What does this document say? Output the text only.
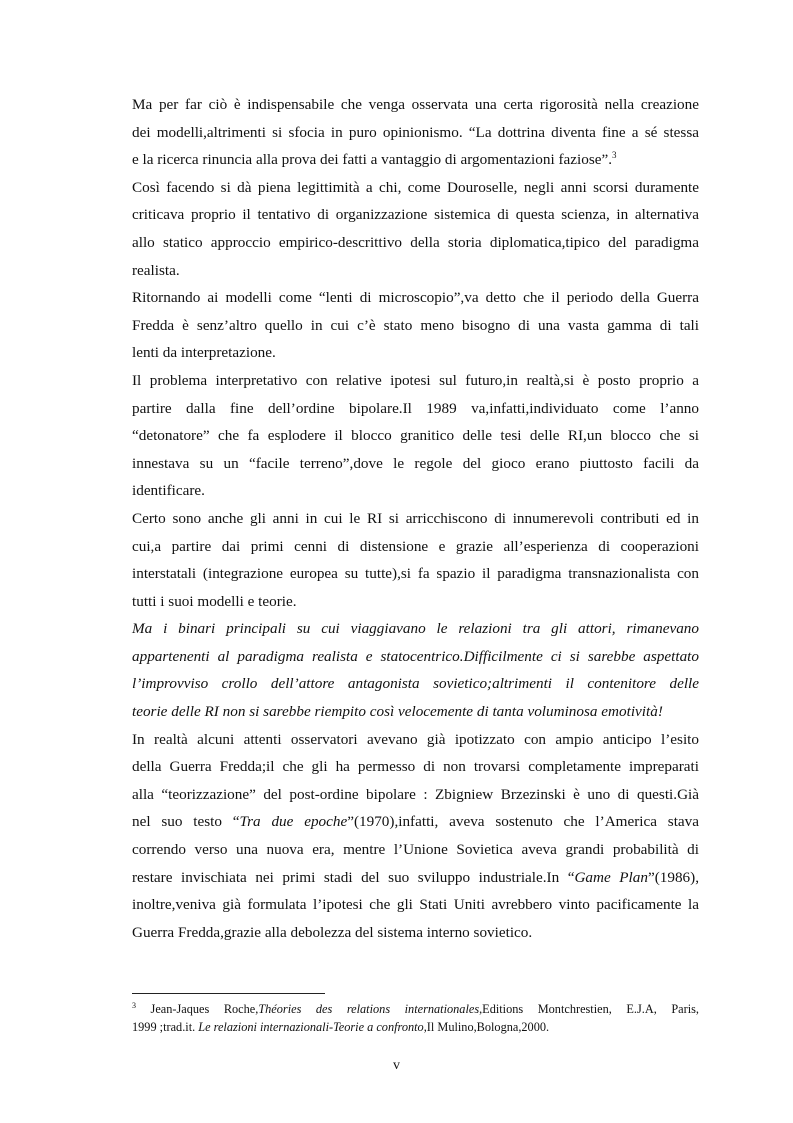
Ma per far ciò è indispensabile che venga osservata una certa rigorosità nella creazione
dei modelli,altrimenti si sfocia in puro opinionismo. “La dottrina diventa fine a sé stessa
e la ricerca rinuncia alla prova dei fatti a vantaggio di argomentazioni faziose”.$^3$
Così facendo si dà piena legittimità a chi, come Douroselle, negli anni scorsi duramente
criticava proprio il tentativo di organizzazione sistemica di questa scienza, in alternativa
allo statico approccio empirico-descrittivo della storia diplomatica,tipico del paradigma
realista.
Ritornando ai modelli come “lenti di microscopio”,va detto che il periodo della Guerra
Fredda è senz’altro quello in cui c’è stato meno bisogno di una vasta gamma di tali
lenti da interpretazione.
Il problema interpretativo con relative ipotesi sul futuro,in realtà,si è posto proprio a
partire dalla fine dell’ordine bipolare.Il 1989 va,infatti,individuato come l’anno
“detonatore” che fa esplodere il blocco granitico delle tesi delle RI,un blocco che si
innestava su un “facile terreno”,dove le regole del gioco erano piuttosto facili da
identificare.
Certo sono anche gli anni in cui le RI si arricchiscono di innumerevoli contributi ed in
cui,a partire dai primi cenni di distensione e grazie all’esperienza di cooperazioni
interstatali (integrazione europea su tutte),si fa spazio il paradigma transnazionalista con
tutti i suoi modelli e teorie.
Ma i binari principali su cui viaggiavano le relazioni tra gli attori, rimanevano
appartenenti al paradigma realista e statocentrico.Difficilmente ci si sarebbe aspettato
l’improvviso crollo dell’attore antagonista sovietico;altrimenti il contenitore delle
teorie delle RI non si sarebbe riempito così velocemente di tanta voluminosa emotività!
In realtà alcuni attenti osservatori avevano già ipotizzato con ampio anticipo l’esito
della Guerra Fredda;il che gli ha permesso di non trovarsi completamente impreparati
alla “teorizzazione” del post-ordine bipolare : Zbigniew Brzezinski è uno di questi.Già
nel suo testo “Tra due epoche”(1970),infatti, aveva sostenuto che l’America stava
correndo verso una nuova era, mentre l’Unione Sovietica aveva grandi probabilità di
restare invischiata nei primi stadi del suo sviluppo industriale.In “Game Plan”(1986),
inoltre,veniva già formulata l’ipotesi che gli Stati Uniti avrebbero vinto pacificamente la
Guerra Fredda,grazie alla debolezza del sistema interno sovietico.
$^3$ Jean-Jaques Roche,Théories des relations internationales,Editions Montchrestien, E.J.A, Paris,
1999 ;trad.it. Le relazioni internazionali-Teorie a confronto,Il Mulino,Bologna,2000.
v
